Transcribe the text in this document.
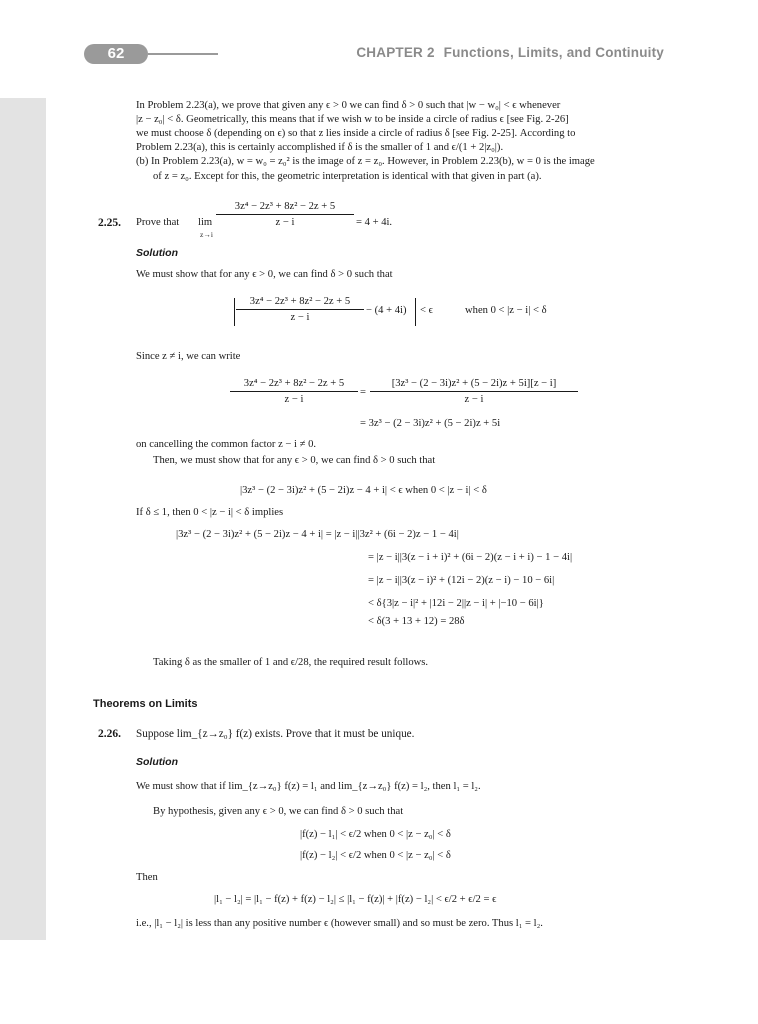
62	CHAPTER 2 Functions, Limits, and Continuity
In Problem 2.23(a), we prove that given any ϵ > 0 we can find δ > 0 such that |w − w₀| < ϵ whenever
|z − z₀| < δ. Geometrically, this means that if we wish w to be inside a circle of radius ϵ [see Fig. 2-26]
we must choose δ (depending on ϵ) so that z lies inside a circle of radius δ [see Fig. 2-25]. According to
Problem 2.23(a), this is certainly accomplished if δ is the smaller of 1 and ϵ/(1 + 2|z₀|).
(b) In Problem 2.23(a), w = w₀ = z₀² is the image of z = z₀. However, in Problem 2.23(b), w = 0 is the image
of z = z₀. Except for this, the geometric interpretation is identical with that given in part (a).
2.25. Prove that lim
z→i
$\frac{\text{3z⁴ − 2z³ + 8z² − 2z + 5}}{z - i} = 4 + 4i$.
Solution
We must show that for any ϵ > 0, we can find δ > 0 such that
$\frac{\text{3z⁴ − 2z³ + 8z² − 2z + 5}}{z - i} - (4 + 4i) < \epsilon$	when 0 < |z − i| < δ
Since z ≠ i, we can write
$\frac{\text{3z⁴ − 2z³ + 8z² − 2z + 5}}{z - i} = \frac{\text{[3z³ − (2 − 3i)z² + (5 − 2i)z + 5i][z − i]}}{z - i}$
= 3z³ − (2 − 3i)z² + (5 − 2i)z + 5i
on cancelling the common factor z − i ≠ 0.
Then, we must show that for any ϵ > 0, we can find δ > 0 such that
|3z³ − (2 − 3i)z² + (5 − 2i)z − 4 + i| < ϵ when 0 < |z − i| < δ
If δ ≤ 1, then 0 < |z − i| < δ implies
|3z³ − (2 − 3i)z² + (5 − 2i)z − 4 + i| = |z − i||3z² + (6i − 2)z − 1 − 4i|
= |z − i||3(z − i + i)² + (6i − 2)(z − i + i) − 1 − 4i|
= |z − i||3(z − i)² + (12i − 2)(z − i) − 10 − 6i|
< δ{3|z − i|² + |12i − 2||z − i| + |−10 − 6i|}
< δ(3 + 13 + 12) = 28δ
Taking δ as the smaller of 1 and ϵ/28, the required result follows.
Theorems on Limits
2.26. Suppose lim_{z→z₀} f(z) exists. Prove that it must be unique.
Solution
We must show that if lim_{z→z₀} f(z) = l₁ and lim_{z→z₀} f(z) = l₂, then l₁ = l₂.
By hypothesis, given any ϵ > 0, we can find δ > 0 such that
|f(z) − l₁| < ϵ/2 when 0 < |z − z₀| < δ
|f(z) − l₂| < ϵ/2 when 0 < |z − z₀| < δ
Then
|l₁ − l₂| = |l₁ − f(z) + f(z) − l₂| ≤ |l₁ − f(z)| + |f(z) − l₂| < ϵ/2 + ϵ/2 = ϵ
i.e., |l₁ − l₂| is less than any positive number ϵ (however small) and so must be zero. Thus l₁ = l₂.
